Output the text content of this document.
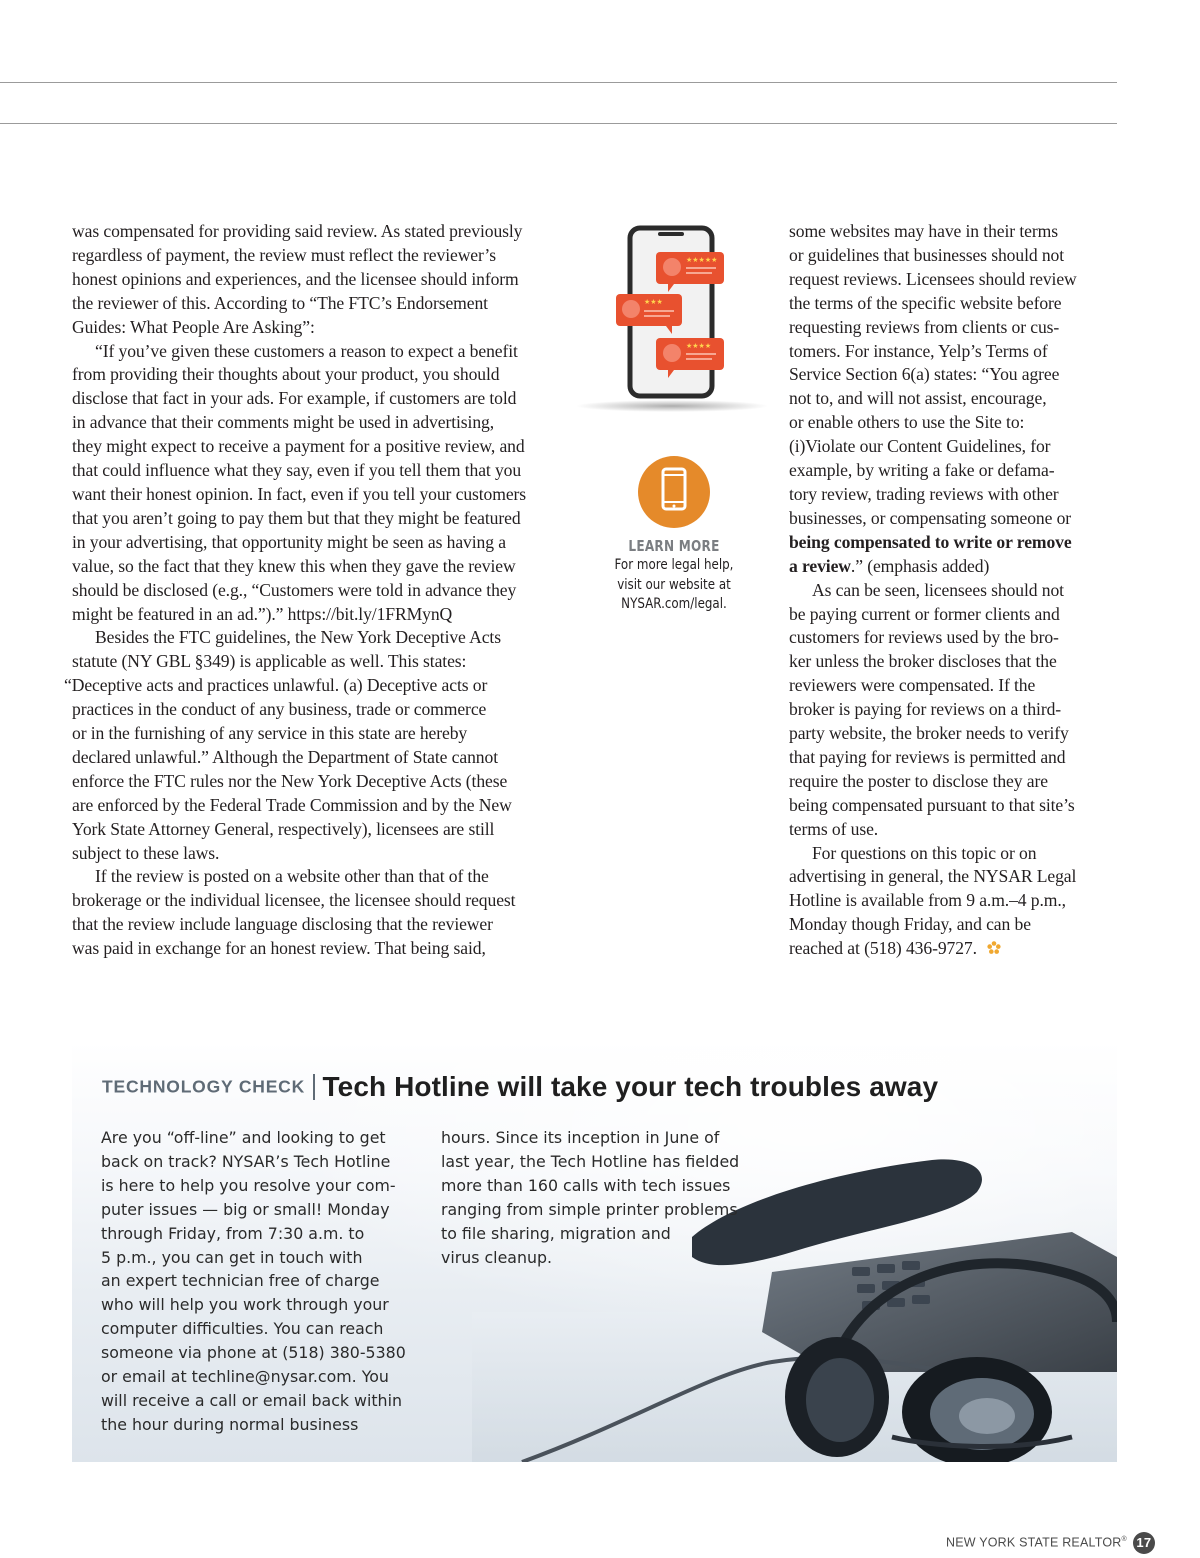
was compensated for providing said review. As stated previously

regardless of payment, the review must reflect the reviewer’s

honest opinions and experiences, and the licensee should inform

the reviewer of this. According to “The FTC’s Endorsement

Guides: What People Are Asking”:

“If you’ve given these customers a reason to expect a benefit

from providing their thoughts about your product, you should

disclose that fact in your ads. For example, if customers are told

in advance that their comments might be used in advertising,

they might expect to receive a payment for a positive review, and

that could influence what they say, even if you tell them that you

want their honest opinion. In fact, even if you tell your customers

that you aren’t going to pay them but that they might be featured

in your advertising, that opportunity might be seen as having a

value, so the fact that they knew this when they gave the review

should be disclosed (e.g., “Customers were told in advance they

might be featured in an ad.”).” https://bit.ly/1FRMynQ

Besides the FTC guidelines, the New York Deceptive Acts

statute (NY GBL §349) is applicable as well. This states:

“Deceptive acts and practices unlawful. (a) Deceptive acts or

practices in the conduct of any business, trade or commerce

or in the furnishing of any service in this state are hereby

declared unlawful.” Although the Department of State cannot

enforce the FTC rules nor the New York Deceptive Acts (these

are enforced by the Federal Trade Commission and by the New

York State Attorney General, respectively), licensees are still

subject to these laws.

If the review is posted on a website other than that of the

brokerage or the individual licensee, the licensee should request

that the review include language disclosing that the reviewer

was paid in exchange for an honest review. That being said,

★★★★★
★★★
★★★★
LEARN MORE
For more legal help,
visit our website at
NYSAR.com/legal.

some websites may have in their terms

or guidelines that businesses should not

request reviews. Licensees should review

the terms of the specific website before

requesting reviews from clients or cus-

tomers. For instance, Yelp’s Terms of

Service Section 6(a) states: “You agree

not to, and will not assist, encourage,

or enable others to use the Site to:

(i)Violate our Content Guidelines, for

example, by writing a fake or defama-

tory review, trading reviews with other

businesses, or compensating someone or

being compensated to write or remove

a review.” (emphasis added)

As can be seen, licensees should not

be paying current or former clients and

customers for reviews used by the bro-

ker unless the broker discloses that the

reviewers were compensated. If the

broker is paying for reviews on a third-

party website, the broker needs to verify

that paying for reviews is permitted and

require the poster to disclose they are

being compensated pursuant to that site’s

terms of use.

For questions on this topic or on

advertising in general, the NYSAR Legal

Hotline is available from 9 a.m.–4 p.m.,

Monday though Friday, and can be

reached at (518) 436-9727.

TECHNOLOGY CHECK Tech Hotline will take your tech troubles away

Are you “off-line” and looking to get

back on track? NYSAR’s Tech Hotline

is here to help you resolve your com-

puter issues — big or small! Monday

through Friday, from 7:30 a.m. to

5 p.m., you can get in touch with

an expert technician free of charge

who will help you work through your

computer difficulties. You can reach

someone via phone at (518) 380-5380

or email at techline@nysar.com. You

will receive a call or email back within

the hour during normal business

hours. Since its inception in June of

last year, the Tech Hotline has fielded

more than 160 calls with tech issues

ranging from simple printer problems

to file sharing, migration and

virus cleanup.

NEW YORK STATE REALTOR® 17
